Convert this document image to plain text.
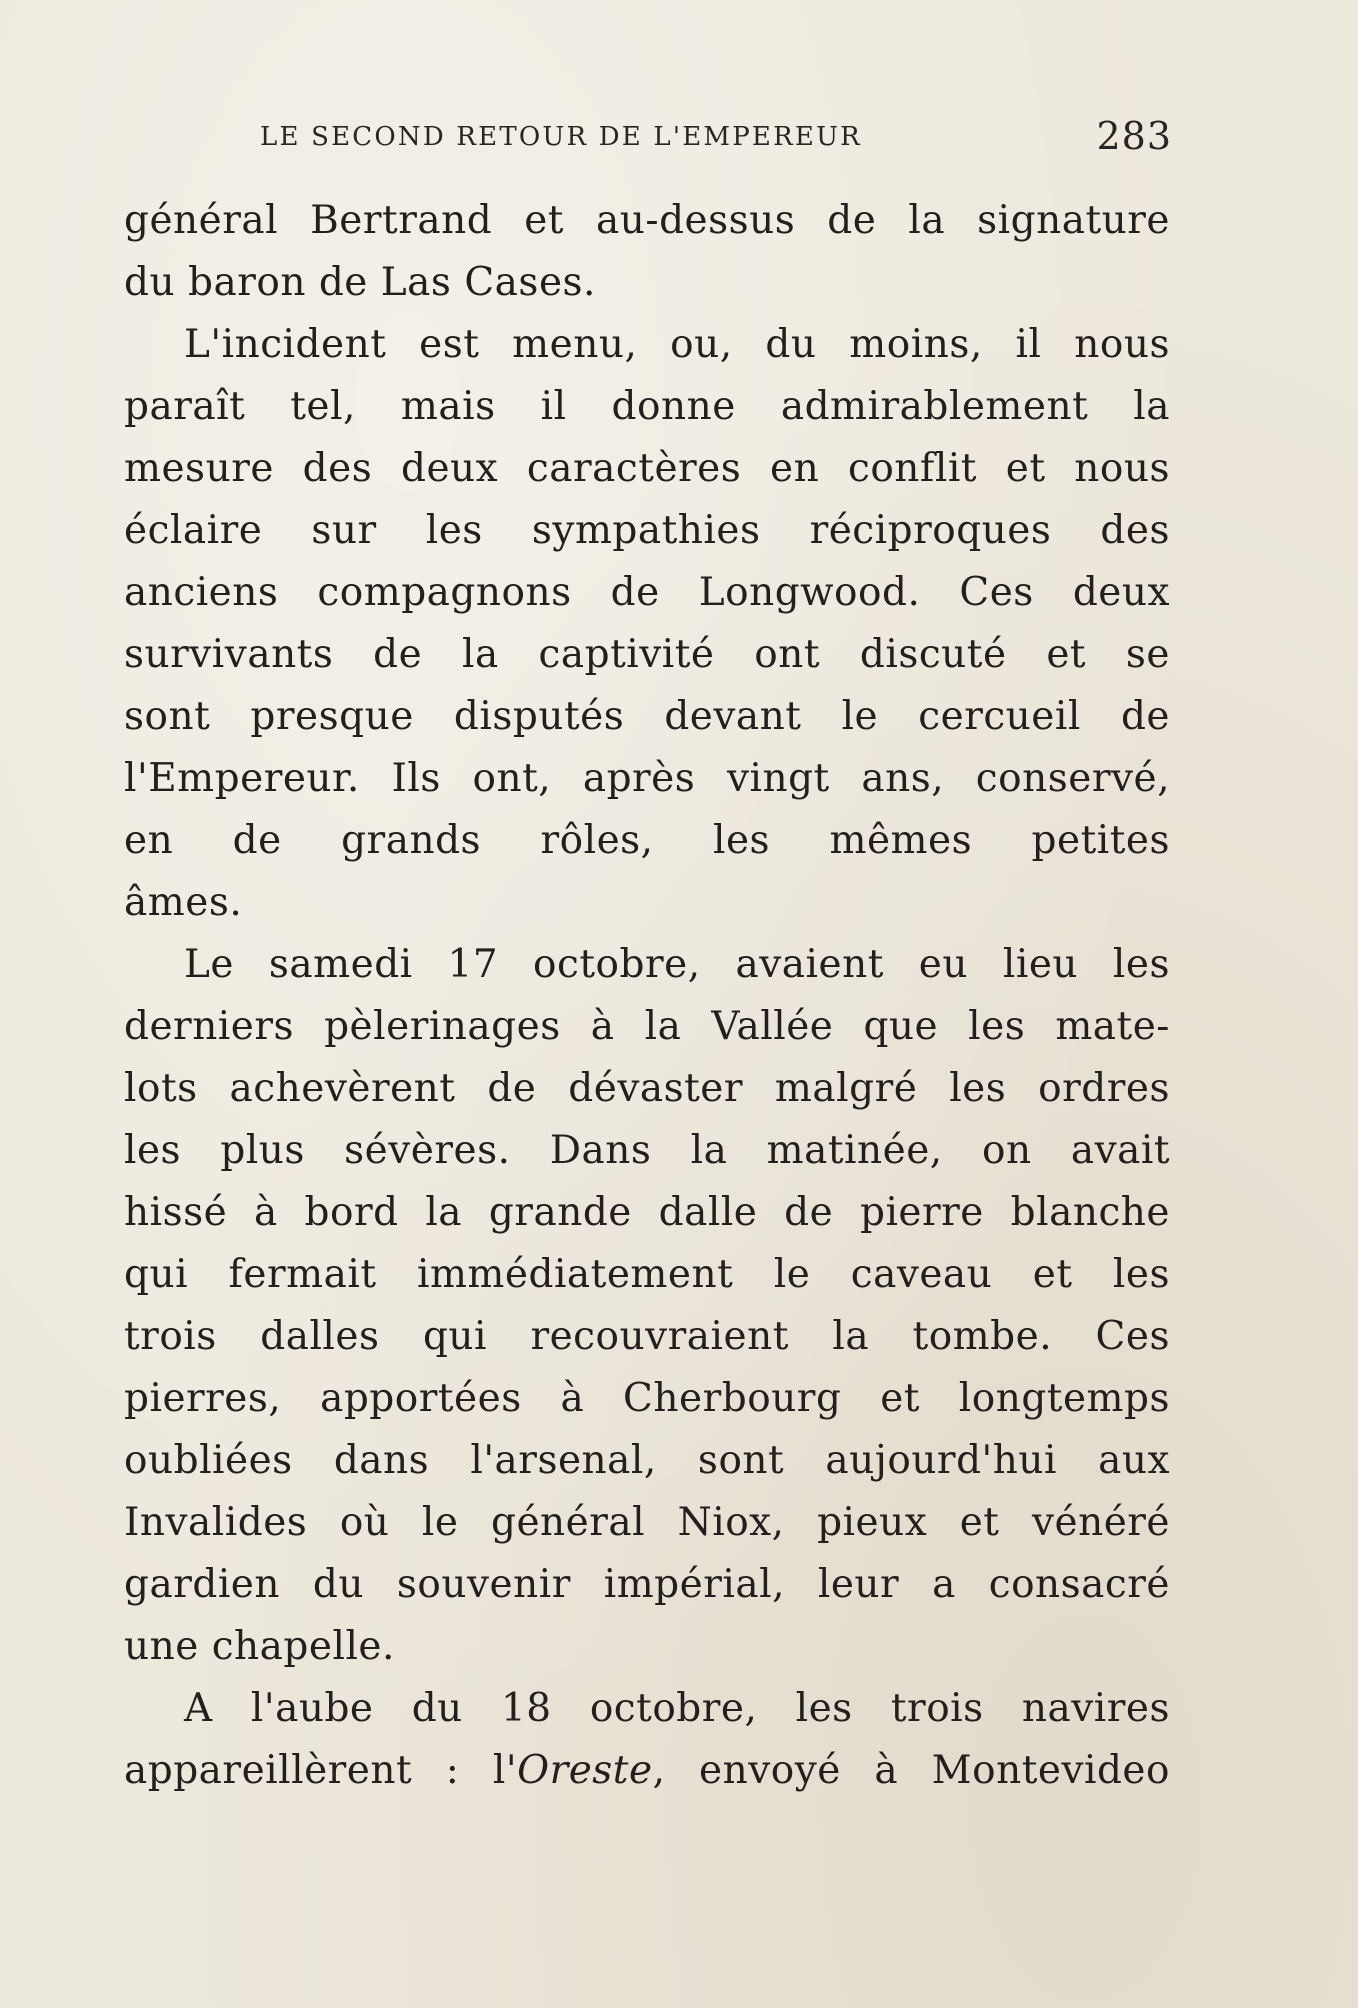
LE SECOND RETOUR DE L'EMPEREUR	283
général Bertrand et au-dessus de la signature
du baron de Las Cases.
L'incident est menu, ou, du moins, il nous
paraît tel, mais il donne admirablement la
mesure des deux caractères en conflit et nous
éclaire sur les sympathies réciproques des
anciens compagnons de Longwood. Ces deux
survivants de la captivité ont discuté et se
sont presque disputés devant le cercueil de
l'Empereur. Ils ont, après vingt ans, conservé,
en de grands rôles, les mêmes petites
âmes.
Le samedi 17 octobre, avaient eu lieu les
derniers pèlerinages à la Vallée que les mate-
lots achevèrent de dévaster malgré les ordres
les plus sévères. Dans la matinée, on avait
hissé à bord la grande dalle de pierre blanche
qui fermait immédiatement le caveau et les
trois dalles qui recouvraient la tombe. Ces
pierres, apportées à Cherbourg et longtemps
oubliées dans l'arsenal, sont aujourd'hui aux
Invalides où le général Niox, pieux et vénéré
gardien du souvenir impérial, leur a consacré
une chapelle.
A l'aube du 18 octobre, les trois navires
appareillèrent : l'Oreste, envoyé à Montevideo
